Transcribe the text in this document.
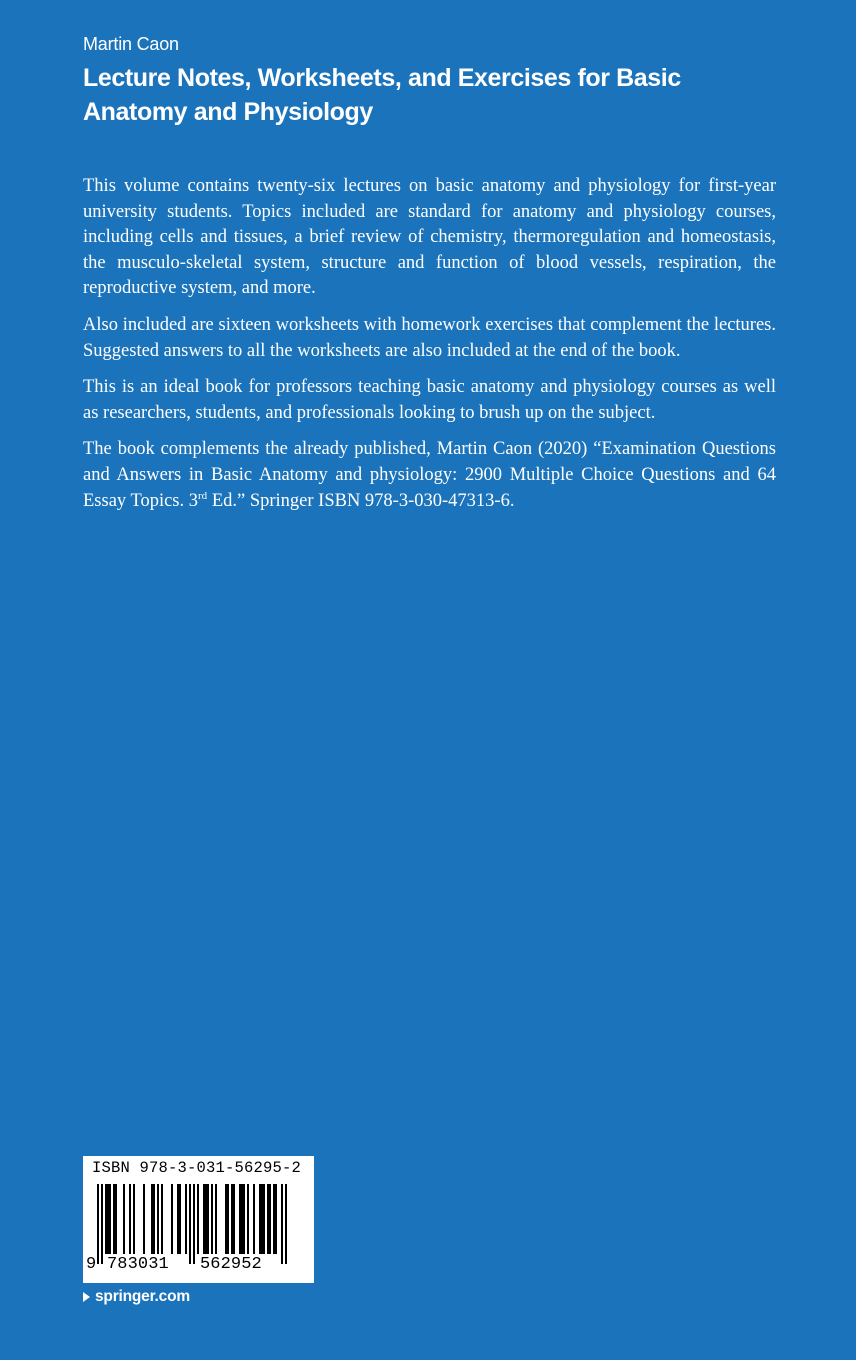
Martin Caon
Lecture Notes, Worksheets, and Exercises for Basic Anatomy and Physiology

This volume contains twenty-six lectures on basic anatomy and physiology for first-year university students. Topics included are standard for anatomy and physiology courses, including cells and tissues, a brief review of chemistry, thermoregulation and homeostasis, the musculo-skeletal system, structure and function of blood vessels, respiration, the reproductive system, and more.

Also included are sixteen worksheets with homework exercises that complement the lectures. Suggested answers to all the worksheets are also included at the end of the book.

This is an ideal book for professors teaching basic anatomy and physiology courses as well as researchers, students, and professionals looking to brush up on the subject.

The book complements the already published, Martin Caon (2020) “Examination Questions and Answers in Basic Anatomy and physiology: 2900 Multiple Choice Questions and 64 Essay Topics. 3rd Ed.” Springer ISBN 978-3-030-47313-6.

ISBN 978-3-031-56295-2
9 783031	562952
springer.com
